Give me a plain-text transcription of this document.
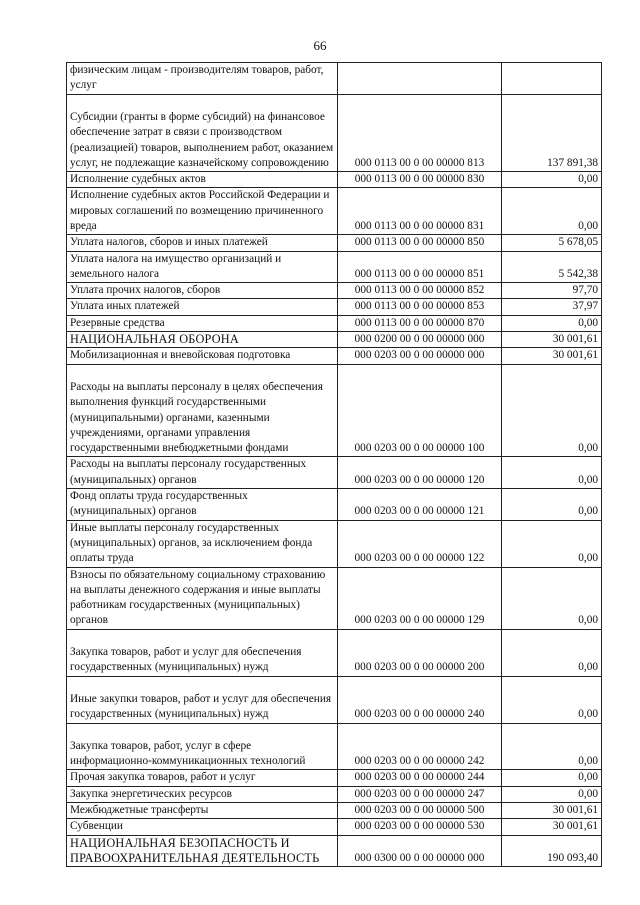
66
физическим лицам - производителям товаров, работ, услуг		
Субсидии (гранты в форме субсидий) на финансовое обеспечение затрат в связи с производством (реализацией) товаров, выполнением работ, оказанием услуг, не подлежащие казначейскому сопровождению	000 0113 00 0 00 00000 813	137 891,38
Исполнение судебных актов	000 0113 00 0 00 00000 830	0,00
Исполнение судебных актов Российской Федерации и мировых соглашений по возмещению причиненного вреда	000 0113 00 0 00 00000 831	0,00
Уплата налогов, сборов и иных платежей	000 0113 00 0 00 00000 850	5 678,05
Уплата налога на имущество организаций и земельного налога	000 0113 00 0 00 00000 851	5 542,38
Уплата прочих налогов, сборов	000 0113 00 0 00 00000 852	97,70
Уплата иных платежей	000 0113 00 0 00 00000 853	37,97
Резервные средства	000 0113 00 0 00 00000 870	0,00
НАЦИОНАЛЬНАЯ ОБОРОНА	000 0200 00 0 00 00000 000	30 001,61
Мобилизационная и вневойсковая подготовка	000 0203 00 0 00 00000 000	30 001,61
Расходы на выплаты персоналу в целях обеспечения выполнения функций государственными (муниципальными) органами, казенными учреждениями, органами управления государственными внебюджетными фондами	000 0203 00 0 00 00000 100	0,00
Расходы на выплаты персоналу государственных (муниципальных) органов	000 0203 00 0 00 00000 120	0,00
Фонд оплаты труда государственных (муниципальных) органов	000 0203 00 0 00 00000 121	0,00
Иные выплаты персоналу государственных (муниципальных) органов, за исключением фонда оплаты труда	000 0203 00 0 00 00000 122	0,00
Взносы по обязательному социальному страхованию на выплаты денежного содержания и иные выплаты работникам государственных (муниципальных) органов	000 0203 00 0 00 00000 129	0,00
Закупка товаров, работ и услуг для обеспечения государственных (муниципальных) нужд	000 0203 00 0 00 00000 200	0,00
Иные закупки товаров, работ и услуг для обеспечения государственных (муниципальных) нужд	000 0203 00 0 00 00000 240	0,00
Закупка товаров, работ, услуг в сфере информационно-коммуникационных технологий	000 0203 00 0 00 00000 242	0,00
Прочая закупка товаров, работ и услуг	000 0203 00 0 00 00000 244	0,00
Закупка энергетических ресурсов	000 0203 00 0 00 00000 247	0,00
Межбюджетные трансферты	000 0203 00 0 00 00000 500	30 001,61
Субвенции	000 0203 00 0 00 00000 530	30 001,61
НАЦИОНАЛЬНАЯ БЕЗОПАСНОСТЬ И ПРАВООХРАНИТЕЛЬНАЯ ДЕЯТЕЛЬНОСТЬ	000 0300 00 0 00 00000 000	190 093,40
